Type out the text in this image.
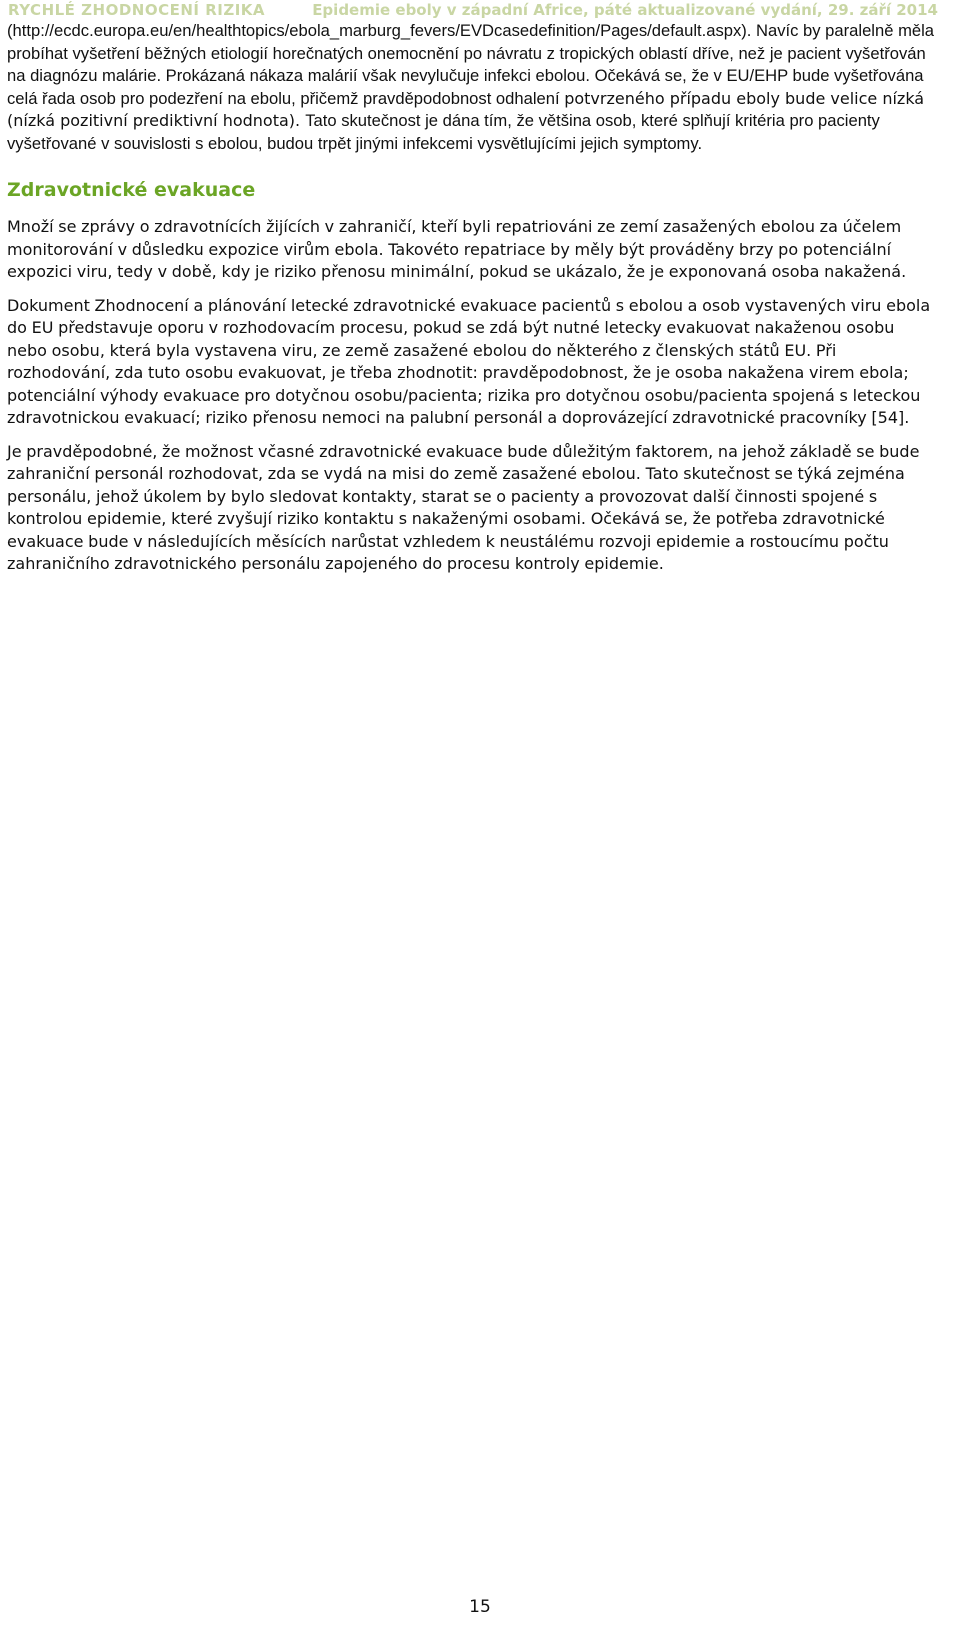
RYCHLÉ ZHODNOCENÍ RIZIKA	Epidemie eboly v západní Africe, páté aktualizované vydání, 29. září 2014

(http://ecdc.europa.eu/en/healthtopics/ebola_marburg_fevers/EVDcasedefinition/Pages/default.aspx). Navíc by paralelně měla probíhat vyšetření běžných etiologií horečnatých onemocnění po návratu z tropických oblastí dříve, než je pacient vyšetřován na diagnózu malárie. Prokázaná nákaza malárií však nevylučuje infekci ebolou. Očekává se, že v EU/EHP bude vyšetřována celá řada osob pro podezření na ebolu, přičemž pravděpodobnost odhalení potvrzeného případu eboly bude velice nízká (nízká pozitivní prediktivní hodnota). Tato skutečnost je dána tím, že většina osob, které splňují kritéria pro pacienty vyšetřované v souvislosti s ebolou, budou trpět jinými infekcemi vysvětlujícími jejich symptomy.

Zdravotnické evakuace

Množí se zprávy o zdravotnících žijících v zahraničí, kteří byli repatriováni ze zemí zasažených ebolou za účelem monitorování v důsledku expozice virům ebola. Takovéto repatriace by měly být prováděny brzy po potenciální expozici viru, tedy v době, kdy je riziko přenosu minimální, pokud se ukázalo, že je exponovaná osoba nakažená.

Dokument Zhodnocení a plánování letecké zdravotnické evakuace pacientů s ebolou a osob vystavených viru ebola do EU představuje oporu v rozhodovacím procesu, pokud se zdá být nutné letecky evakuovat nakaženou osobu nebo osobu, která byla vystavena viru, ze země zasažené ebolou do některého z členských států EU. Při rozhodování, zda tuto osobu evakuovat, je třeba zhodnotit: pravděpodobnost, že je osoba nakažena virem ebola; potenciální výhody evakuace pro dotyčnou osobu/pacienta; rizika pro dotyčnou osobu/pacienta spojená s leteckou zdravotnickou evakuací; riziko přenosu nemoci na palubní personál a doprovázející zdravotnické pracovníky [54].

Je pravděpodobné, že možnost včasné zdravotnické evakuace bude důležitým faktorem, na jehož základě se bude zahraniční personál rozhodovat, zda se vydá na misi do země zasažené ebolou. Tato skutečnost se týká zejména personálu, jehož úkolem by bylo sledovat kontakty, starat se o pacienty a provozovat další činnosti spojené s kontrolou epidemie, které zvyšují riziko kontaktu s nakaženými osobami. Očekává se, že potřeba zdravotnické evakuace bude v následujících měsících narůstat vzhledem k neustálému rozvoji epidemie a rostoucímu počtu zahraničního zdravotnického personálu zapojeného do procesu kontroly epidemie.

15
